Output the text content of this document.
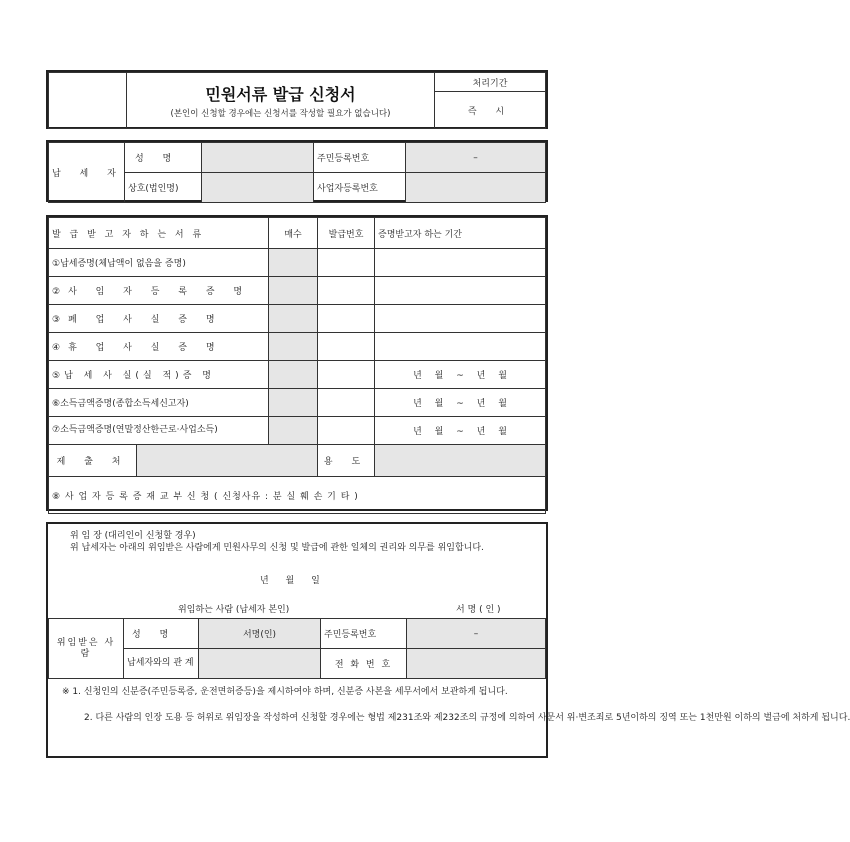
민원서류 발급 신청서
(본인이 신청할 경우에는 신청서를 작성할 필요가 없습니다)
	처리기간
즉 시
납 세 자	성 명		주민등록번호	–
	상호(법인명)		사업자등록번호	
발 급 받 고 자 하 는 서 류		매수	발급번호	증명받고자 하는 기간
①납세증명(체납액이 없음을 증명)				
②사 임 자 등 록 증 명				
③폐 업 사 실 증 명				
④휴 업 사 실 증 명				
⑤납 세 사 실(실 적)증 명				년 월 ~ 년 월
⑥소득금액증명(종합소득세신고자)				년 월 ~ 년 월
⑦소득금액증명(연말정산한근로·사업소득)				년 월 ~ 년 월
제 출 처			용 도	
⑧ 사 업 자 등 록 증 재 교 부 신 청 ( 신청사유 : 분 실 훼 손 기 타 )				
위 임 장 (대리인이 신청할 경우)
위 납세자는 아래의 위임받은 사람에게 민원사무의 신청 및 발급에 관한 일체의 권리와 의무를 위임합니다.
년 월 일
위임하는 사람 (납세자 본인)	서 명 ( 인 )
위임받은 사 람	성 명	서명(인)	주민등록번호	–
	납세자와의 관 계		전 화 번 호	
※ 1. 신청인의 신분증(주민등록증, 운전면허증등)을 제시하여야 하며, 신분증 사본을 세무서에서 보관하게 됩니다.
2. 다른 사람의 인장 도용 등 허위로 위임장을 작성하여 신청할 경우에는 형법 제231조와 제232조의 규정에 의하여 사문서 위·변조죄로 5년이하의 징역 또는 1천만원 이하의 벌금에 처하게 됩니다.
